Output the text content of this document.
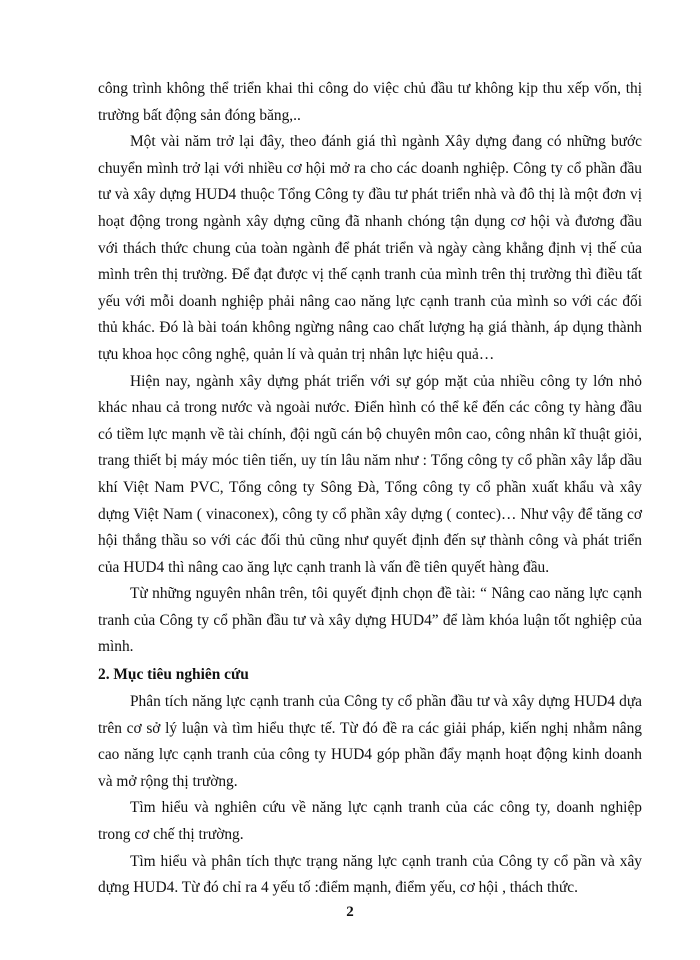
công trình không thể triển khai thi công do việc chủ đầu tư không kịp thu xếp vốn, thị trường bất động sản đóng băng,..

Một vài năm trở lại đây, theo đánh giá thì ngành Xây dựng đang có những bước chuyển mình trở lại với nhiều cơ hội mở ra cho các doanh nghiệp. Công ty cổ phần đầu tư và xây dựng HUD4 thuộc Tổng Công ty đầu tư phát triển nhà và đô thị là một đơn vị hoạt động trong ngành xây dựng cũng đã nhanh chóng tận dụng cơ hội và đương đầu với thách thức chung của toàn ngành để phát triển và ngày càng khẳng định vị thế của mình trên thị trường. Để đạt được vị thế cạnh tranh của mình trên thị trường thì điều tất yếu với mỗi doanh nghiệp phải nâng cao năng lực cạnh tranh của mình so với các đối thủ khác. Đó là bài toán không ngừng nâng cao chất lượng hạ giá thành, áp dụng thành tựu khoa học công nghệ, quản lí và quản trị nhân lực hiệu quả…

Hiện nay, ngành xây dựng phát triển với sự góp mặt của nhiều công ty lớn nhỏ khác nhau cả trong nước và ngoài nước. Điển hình có thể kể đến các công ty hàng đầu có tiềm lực mạnh về tài chính, đội ngũ cán bộ chuyên môn cao, công nhân kĩ thuật giỏi, trang thiết bị máy móc tiên tiến, uy tín lâu năm như : Tổng công ty cổ phần xây lắp dầu khí Việt Nam PVC, Tổng công ty Sông Đà, Tổng công ty cổ phần xuất khẩu và xây dựng Việt Nam ( vinaconex), công ty cổ phần xây dựng ( contec)… Như vậy để tăng cơ hội thắng thầu so với các đối thủ cũng như quyết định đến sự thành công và phát triển của HUD4 thì nâng cao ăng lực cạnh tranh là vấn đề tiên quyết hàng đầu.

Từ những nguyên nhân trên, tôi quyết định chọn đề tài: “ Nâng cao năng lực cạnh tranh của Công ty cổ phần đầu tư và xây dựng HUD4” để làm khóa luận tốt nghiệp của mình.

2. Mục tiêu nghiên cứu

Phân tích năng lực cạnh tranh của Công ty cổ phần đầu tư và xây dựng HUD4 dựa trên cơ sở lý luận và tìm hiểu thực tế. Từ đó đề ra các giải pháp, kiến nghị nhằm nâng cao năng lực cạnh tranh của công ty HUD4 góp phần đẩy mạnh hoạt động kinh doanh và mở rộng thị trường.

Tìm hiểu và nghiên cứu về năng lực cạnh tranh của các công ty, doanh nghiệp trong cơ chế thị trường.

Tìm hiểu và phân tích thực trạng năng lực cạnh tranh của Công ty cổ pần và xây dựng HUD4. Từ đó chỉ ra 4 yếu tố :điểm mạnh, điểm yếu, cơ hội , thách thức.

2
